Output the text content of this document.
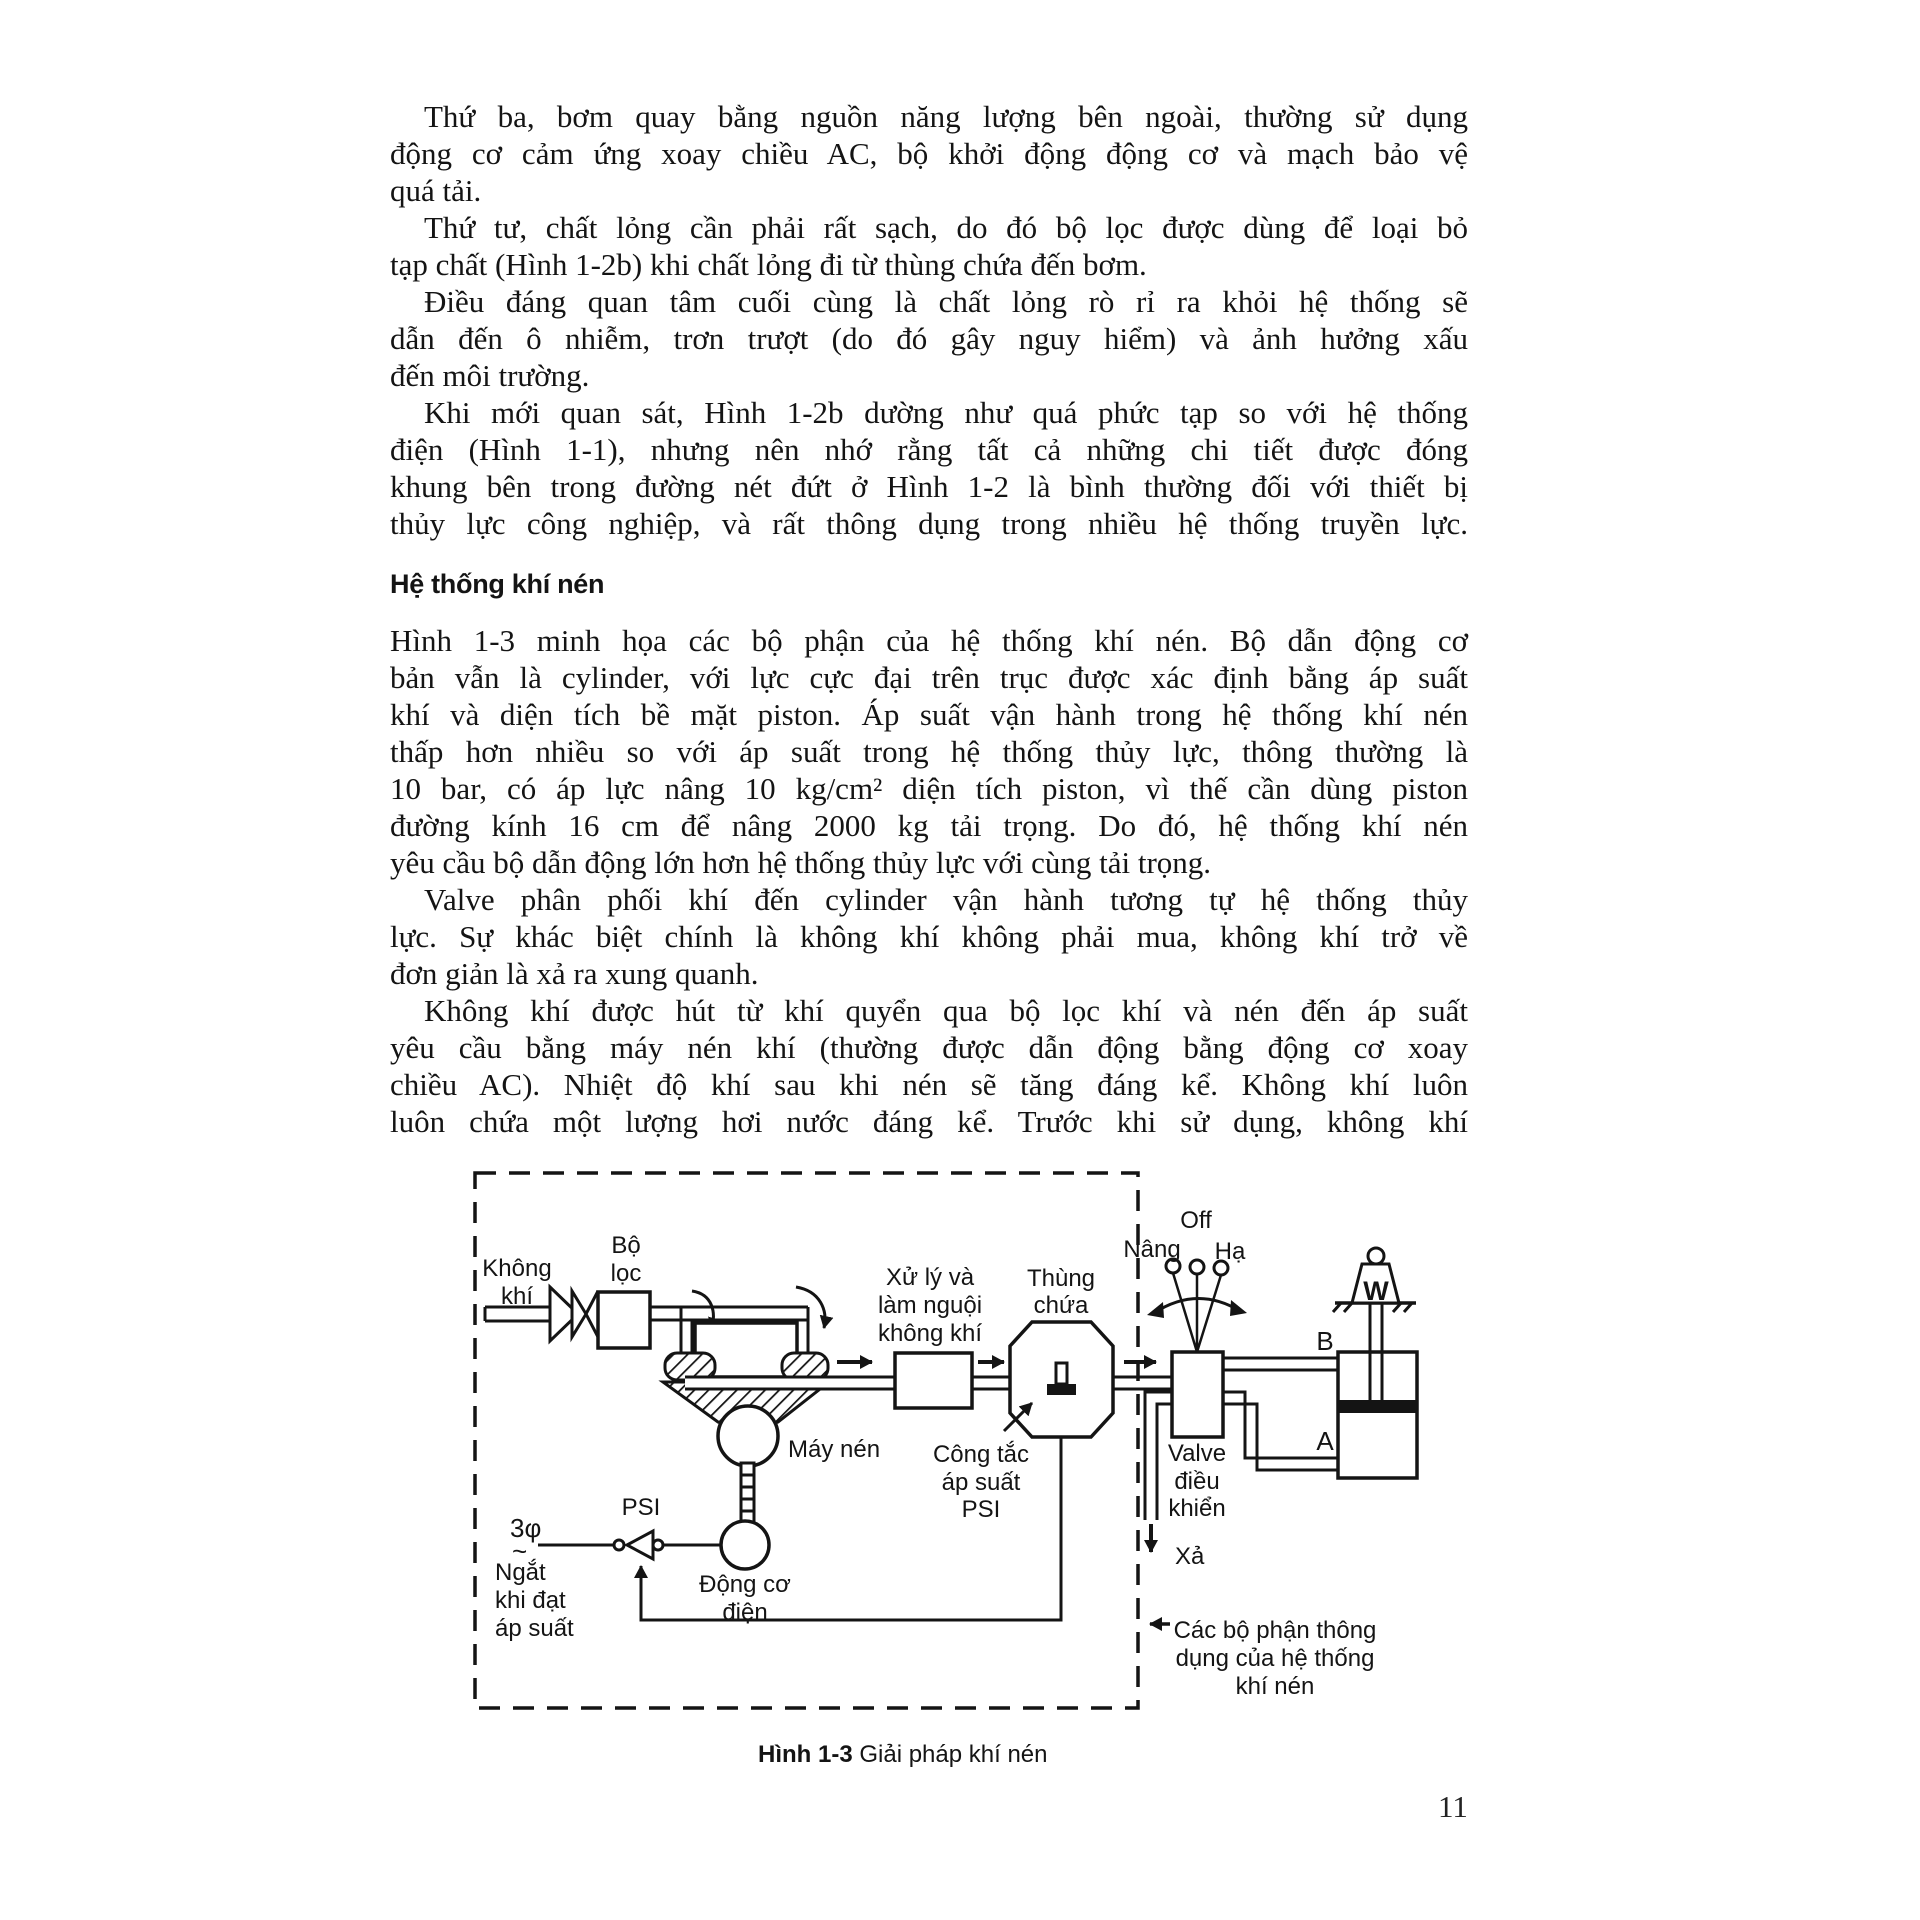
Thứ ba, bơm quay bằng nguồn năng lượng bên ngoài, thường sử dụng
động cơ cảm ứng xoay chiều AC, bộ khởi động động cơ và mạch bảo vệ
quá tải.
Thứ tư, chất lỏng cần phải rất sạch, do đó bộ lọc được dùng để loại bỏ
tạp chất (Hình 1-2b) khi chất lỏng đi từ thùng chứa đến bơm.
Điều đáng quan tâm cuối cùng là chất lỏng rò rỉ ra khỏi hệ thống sẽ
dẫn đến ô nhiễm, trơn trượt (do đó gây nguy hiểm) và ảnh hưởng xấu
đến môi trường.
Khi mới quan sát, Hình 1-2b dường như quá phức tạp so với hệ thống
điện (Hình 1-1), nhưng nên nhớ rằng tất cả những chi tiết được đóng
khung bên trong đường nét đứt ở Hình 1-2 là bình thường đối với thiết bị
thủy lực công nghiệp, và rất thông dụng trong nhiều hệ thống truyền lực.
Hệ thống khí nén
Hình 1-3 minh họa các bộ phận của hệ thống khí nén. Bộ dẫn động cơ
bản vẫn là cylinder, với lực cực đại trên trục được xác định bằng áp suất
khí và diện tích bề mặt piston. Áp suất vận hành trong hệ thống khí nén
thấp hơn nhiều so với áp suất trong hệ thống thủy lực, thông thường là
10 bar, có áp lực nâng 10 kg/cm² diện tích piston, vì thế cần dùng piston
đường kính 16 cm để nâng 2000 kg tải trọng. Do đó, hệ thống khí nén
yêu cầu bộ dẫn động lớn hơn hệ thống thủy lực với cùng tải trọng.
Valve phân phối khí đến cylinder vận hành tương tự hệ thống thủy
lực. Sự khác biệt chính là không khí không phải mua, không khí trở về
đơn giản là xả ra xung quanh.
Không khí được hút từ khí quyển qua bộ lọc khí và nén đến áp suất
yêu cầu bằng máy nén khí (thường được dẫn động bằng động cơ xoay
chiều AC). Nhiệt độ khí sau khi nén sẽ tăng đáng kể. Không khí luôn
luôn chứa một lượng hơi nước đáng kể. Trước khi sử dụng, không khí
Không
khí
Bộ
lọc	Xử lý và
làm nguội
không khí
Thùng
chứa
Máy nén Công tắc
áp suất
PSI
PSI
3φ
~
Ngắt
khi đạt
áp suất
Động cơ
điện
Off
Nâng Hạ
Valve
điều
khiển
Xả
B
A
W
Các bộ phận thông
dụng của hệ thống
khí nén
Hình 1-3 Giải pháp khí nén
11
